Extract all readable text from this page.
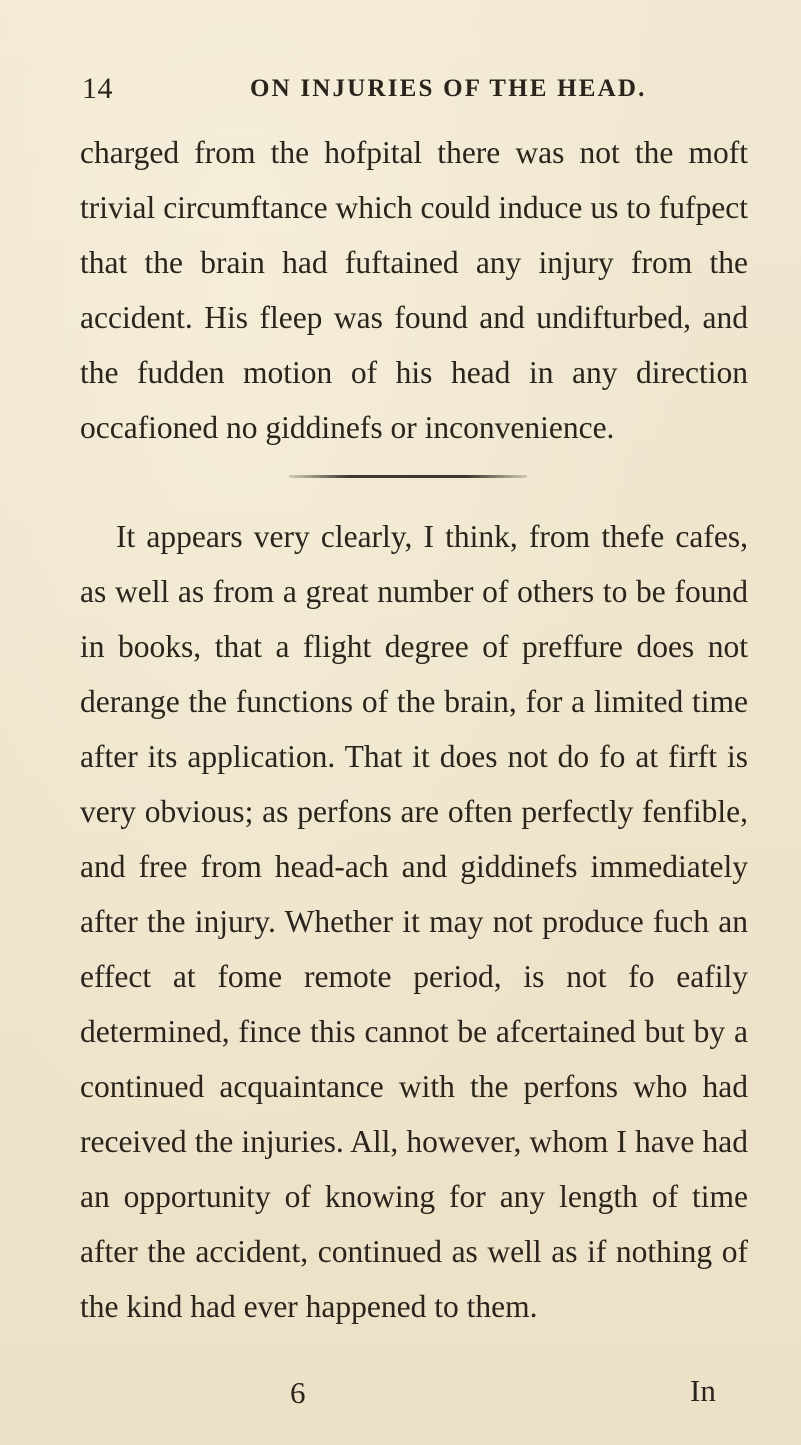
14	ON INJURIES OF THE HEAD.

charged from the hofpital there was not the moft trivial circumftance which could induce us to fufpect that the brain had fuftained any injury from the accident. His fleep was found and undifturbed, and the fudden motion of his head in any direction occafioned no giddinefs or inconvenience.

It appears very clearly, I think, from thefe cafes, as well as from a great number of others to be found in books, that a flight degree of preffure does not derange the functions of the brain, for a limited time after its application. That it does not do fo at firft is very obvious; as perfons are often perfectly fenfible, and free from head-ach and giddinefs immediately after the injury. Whether it may not produce fuch an effect at fome remote period, is not fo eafily determined, fince this cannot be afcertained but by a continued acquaintance with the perfons who had received the injuries. All, however, whom I have had an opportunity of knowing for any length of time after the accident, continued as well as if nothing of the kind had ever happened to them.

6	In
